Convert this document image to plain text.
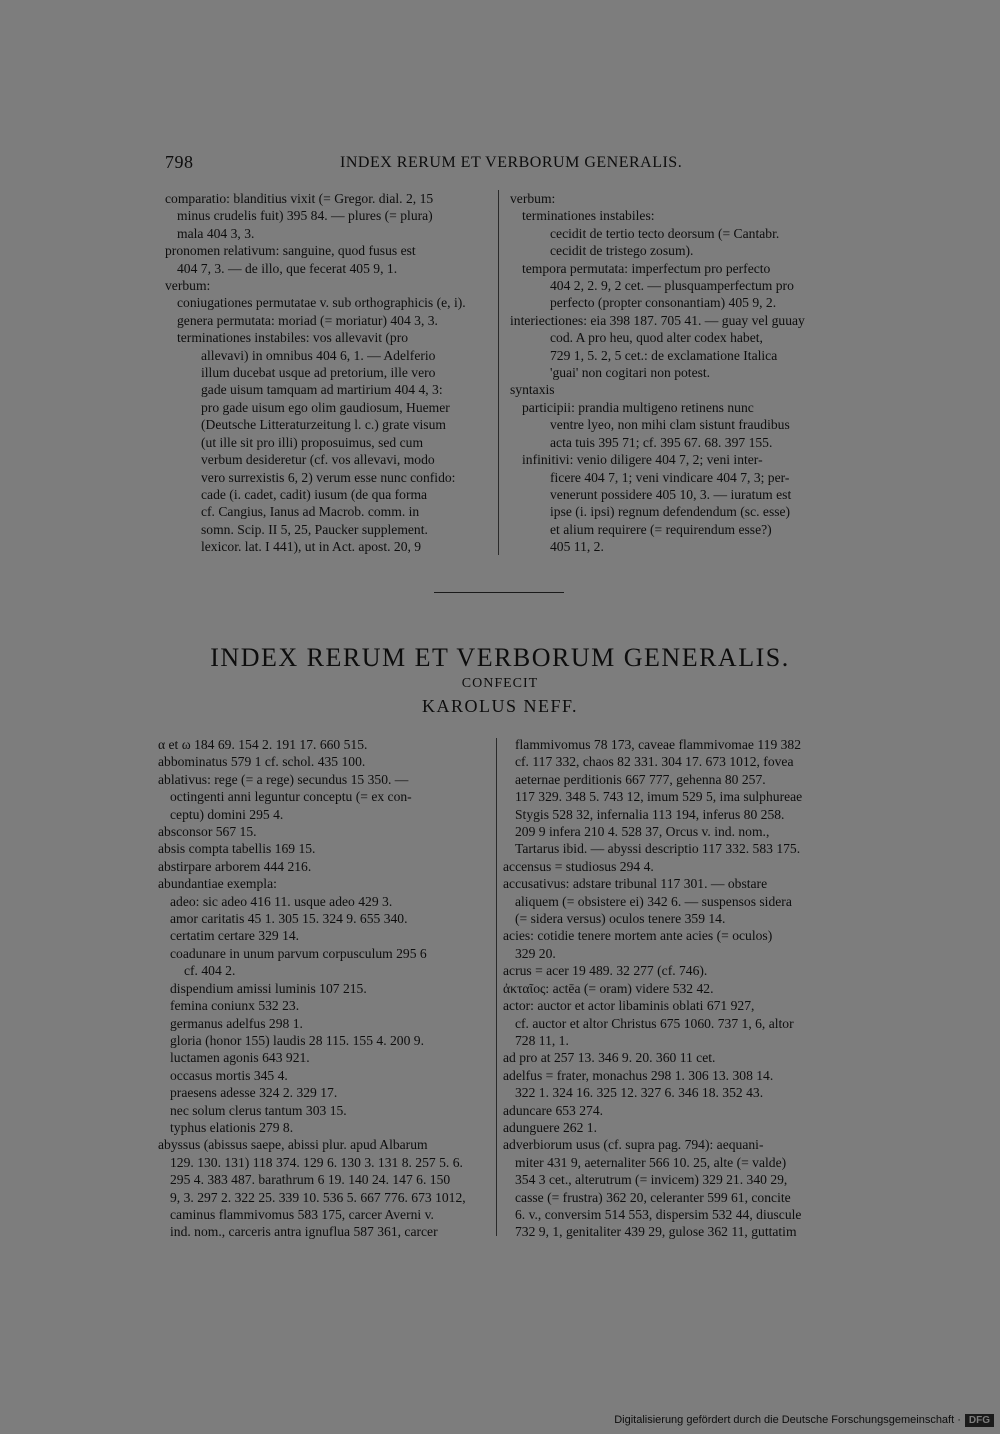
798	INDEX RERUM ET VERBORUM GENERALIS.

comparatio: blanditius vixit (= Gregor. dial. 2, 15

minus crudelis fuit) 395 84. — plures (= plura)

mala 404 3, 3.

pronomen relativum: sanguine, quod fusus est

404 7, 3. — de illo, que fecerat 405 9, 1.

verbum:

coniugationes permutatae v. sub orthographicis (e, i).

genera permutata: moriad (= moriatur) 404 3, 3.

terminationes instabiles: vos allevavit (pro

allevavi) in omnibus 404 6, 1. — Adelferio

illum ducebat usque ad pretorium, ille vero

gade uisum tamquam ad martirium 404 4, 3:

pro gade uisum ego olim gaudiosum, Huemer

(Deutsche Litteraturzeitung l. c.) grate visum

(ut ille sit pro illi) proposuimus, sed cum

verbum desideretur (cf. vos allevavi, modo

vero surrexistis 6, 2) verum esse nunc confido:

cade (i. cadet, cadit) iusum (de qua forma

cf. Cangius, Ianus ad Macrob. comm. in

somn. Scip. II 5, 25, Paucker supplement.

lexicor. lat. I 441), ut in Act. apost. 20, 9

verbum:

terminationes instabiles:

cecidit de tertio tecto deorsum (= Cantabr.

cecidit de tristego zosum).

tempora permutata: imperfectum pro perfecto

404 2, 2. 9, 2 cet. — plusquamperfectum pro

perfecto (propter consonantiam) 405 9, 2.

interiectiones: eia 398 187. 705 41. — guay vel guuay

cod. A pro heu, quod alter codex habet,

729 1, 5. 2, 5 cet.: de exclamatione Italica

'guai' non cogitari non potest.

syntaxis

participii: prandia multigeno retinens nunc

ventre lyeo, non mihi clam sistunt fraudibus

acta tuis 395 71; cf. 395 67. 68. 397 155.

infinitivi: venio diligere 404 7, 2; veni inter-

ficere 404 7, 1; veni vindicare 404 7, 3; per-

venerunt possidere 405 10, 3. — iuratum est

ipse (i. ipsi) regnum defendendum (sc. esse)

et alium requirere (= requirendum esse?)

405 11, 2.

INDEX RERUM ET VERBORUM GENERALIS.
CONFECIT
KAROLUS NEFF.

α et ω 184 69. 154 2. 191 17. 660 515.

abbominatus 579 1 cf. schol. 435 100.

ablativus: rege (= a rege) secundus 15 350. —

octingenti anni leguntur conceptu (= ex con-

ceptu) domini 295 4.

absconsor 567 15.

absis compta tabellis 169 15.

abstirpare arborem 444 216.

abundantiae exempla:

adeo: sic adeo 416 11. usque adeo 429 3.

amor caritatis 45 1. 305 15. 324 9. 655 340.

certatim certare 329 14.

coadunare in unum parvum corpusculum 295 6

cf. 404 2.

dispendium amissi luminis 107 215.

femina coniunx 532 23.

germanus adelfus 298 1.

gloria (honor 155) laudis 28 115. 155 4. 200 9.

luctamen agonis 643 921.

occasus mortis 345 4.

praesens adesse 324 2. 329 17.

nec solum clerus tantum 303 15.

typhus elationis 279 8.

abyssus (abissus saepe, abissi plur. apud Albarum

129. 130. 131) 118 374. 129 6. 130 3. 131 8. 257 5. 6.

295 4. 383 487. barathrum 6 19. 140 24. 147 6. 150

9, 3. 297 2. 322 25. 339 10. 536 5. 667 776. 673 1012,

caminus flammivomus 583 175, carcer Averni v.

ind. nom., carceris antra ignuflua 587 361, carcer

flammivomus 78 173, caveae flammivomae 119 382

cf. 117 332, chaos 82 331. 304 17. 673 1012, fovea

aeternae perditionis 667 777, gehenna 80 257.

117 329. 348 5. 743 12, imum 529 5, ima sulphureae

Stygis 528 32, infernalia 113 194, inferus 80 258.

209 9 infera 210 4. 528 37, Orcus v. ind. nom.,

Tartarus ibid. — abyssi descriptio 117 332. 583 175.

accensus = studiosus 294 4.

accusativus: adstare tribunal 117 301. — obstare

aliquem (= obsistere ei) 342 6. — suspensos sidera

(= sidera versus) oculos tenere 359 14.

acies: cotidie tenere mortem ante acies (= oculos)

329 20.

acrus = acer 19 489. 32 277 (cf. 746).

ἀκταῖος: actēa (= oram) videre 532 42.

actor: auctor et actor libaminis oblati 671 927,

cf. auctor et altor Christus 675 1060. 737 1, 6, altor

728 11, 1.

ad pro at 257 13. 346 9. 20. 360 11 cet.

adelfus = frater, monachus 298 1. 306 13. 308 14.

322 1. 324 16. 325 12. 327 6. 346 18. 352 43.

aduncare 653 274.

adunguere 262 1.

adverbiorum usus (cf. supra pag. 794): aequani-

miter 431 9, aeternaliter 566 10. 25, alte (= valde)

354 3 cet., alterutrum (= invicem) 329 21. 340 29,

casse (= frustra) 362 20, celeranter 599 61, concite

6. v., conversim 514 553, dispersim 532 44, diuscule

732 9, 1, genitaliter 439 29, gulose 362 11, guttatim

Digitalisierung gefördert durch die Deutsche Forschungsgemeinschaft · DFG
